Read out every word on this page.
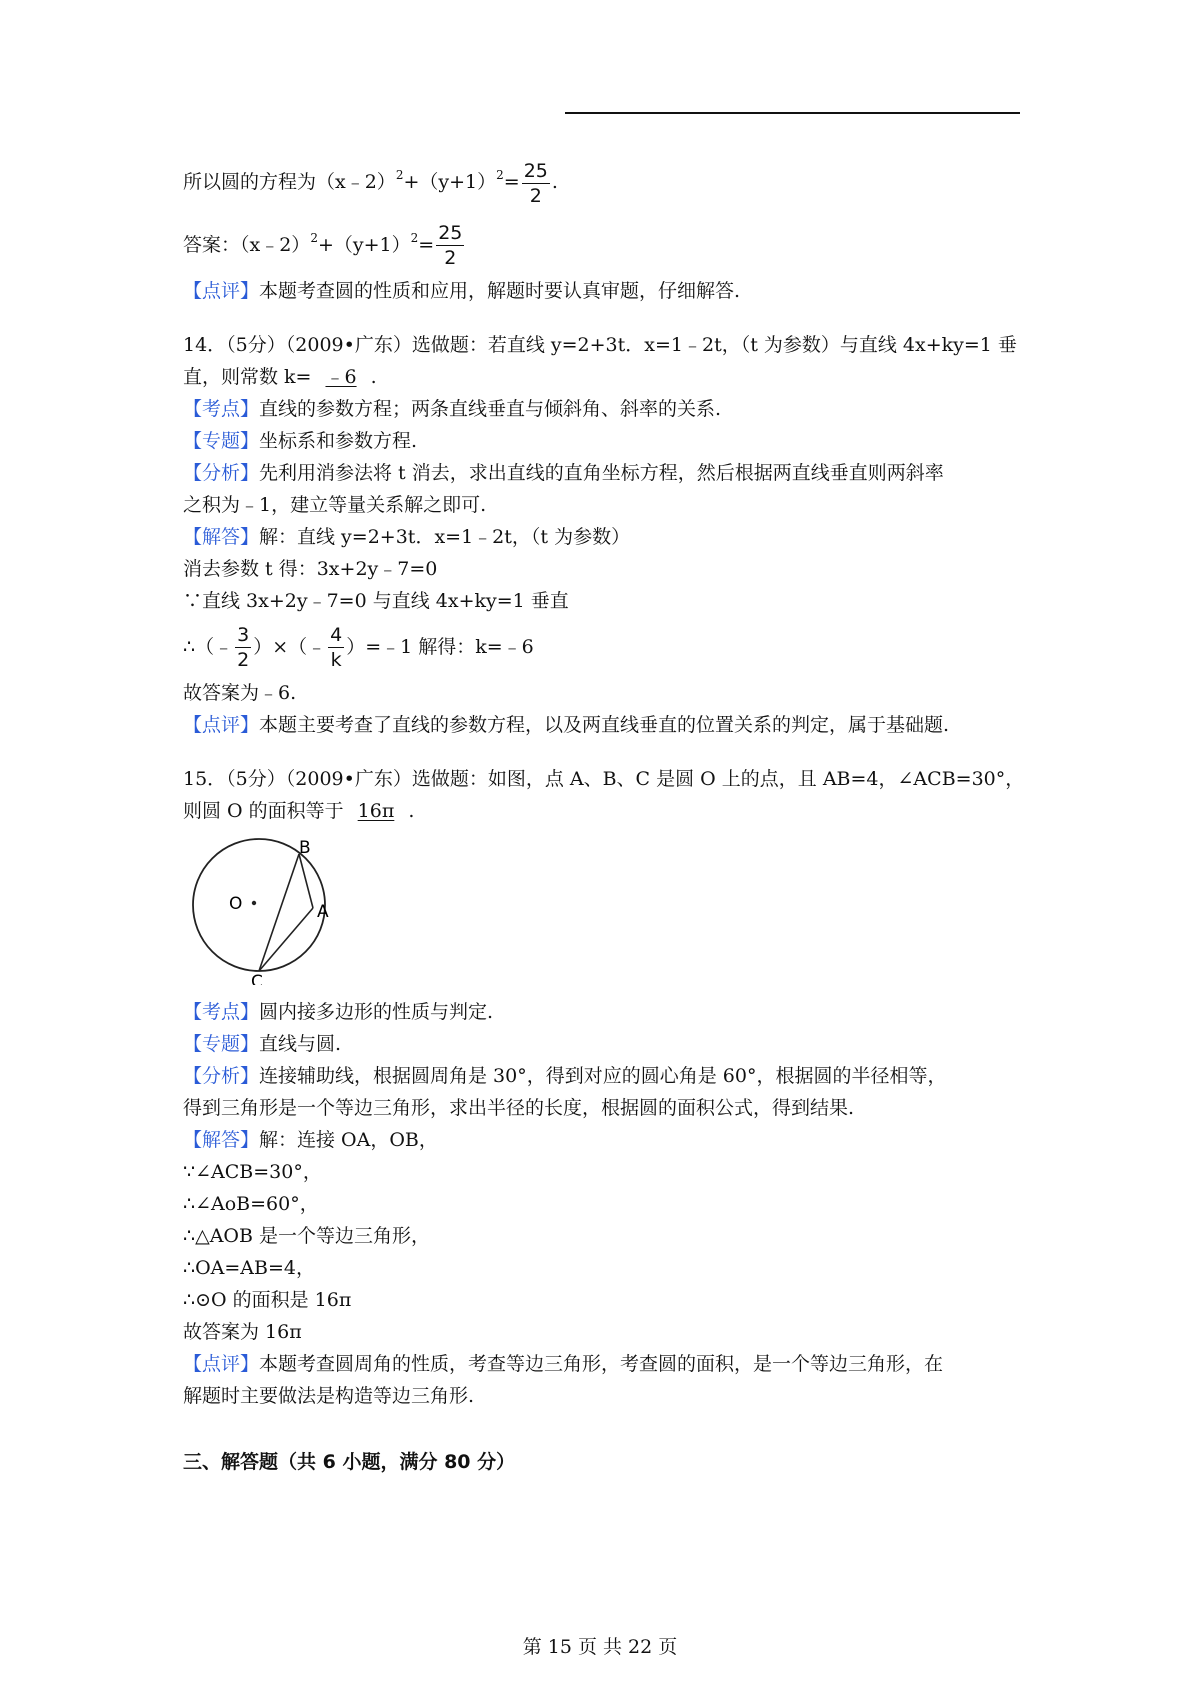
所以圆的方程为$(x﹣2)^2+(y+1)^2= \frac{25}{2}$ .
答案：$(x﹣2)^2+(y+1)^2= \frac{25}{2}$
【点评】本题考查圆的性质和应用，解题时要认真审题，仔细解答.
14．（5分）（2009•广东）选做题：若直线 y=2+3t．x=1﹣2t，（t 为参数）与直线 4x+ky=1 垂
直，则常数 k= ﹣6 .
【考点】直线的参数方程；两条直线垂直与倾斜角、斜率的关系.
【专题】坐标系和参数方程.
【分析】先利用消参法将 t 消去，求出直线的直角坐标方程，然后根据两直线垂直则两斜率
之积为﹣1，建立等量关系解之即可.
【解答】解：直线 y=2+3t．x=1﹣2t，（t 为参数）
消去参数 t 得：3x+2y﹣7=0
∵直线 3x+2y﹣7=0 与直线 4x+ky=1 垂直
∴（﹣ $\frac{3}{2}$ ）×（﹣ $\frac{4}{k}$ ）=﹣1 解得：k=﹣6
故答案为﹣6.
【点评】本题主要考查了直线的参数方程，以及两直线垂直的位置关系的判定，属于基础题.
15．（5分）（2009•广东）选做题：如图，点 A、B、C 是圆 O 上的点，且 AB=4，∠ACB=30°，
则圆 O 的面积等于 16π .
O
B
A
C
【考点】圆内接多边形的性质与判定.
【专题】直线与圆.
【分析】连接辅助线，根据圆周角是 30°，得到对应的圆心角是 60°，根据圆的半径相等，
得到三角形是一个等边三角形，求出半径的长度，根据圆的面积公式，得到结果.
【解答】解：连接 OA，OB，
∵∠ACB=30°，
∴∠AoB=60°，
∴△AOB 是一个等边三角形，
∴OA=AB=4，
∴⊙O 的面积是 16π
故答案为 16π
【点评】本题考查圆周角的性质，考查等边三角形，考查圆的面积，是一个等边三角形，在
解题时主要做法是构造等边三角形.
三、解答题（共 6 小题，满分 80 分）
第 15 页 共 22 页
